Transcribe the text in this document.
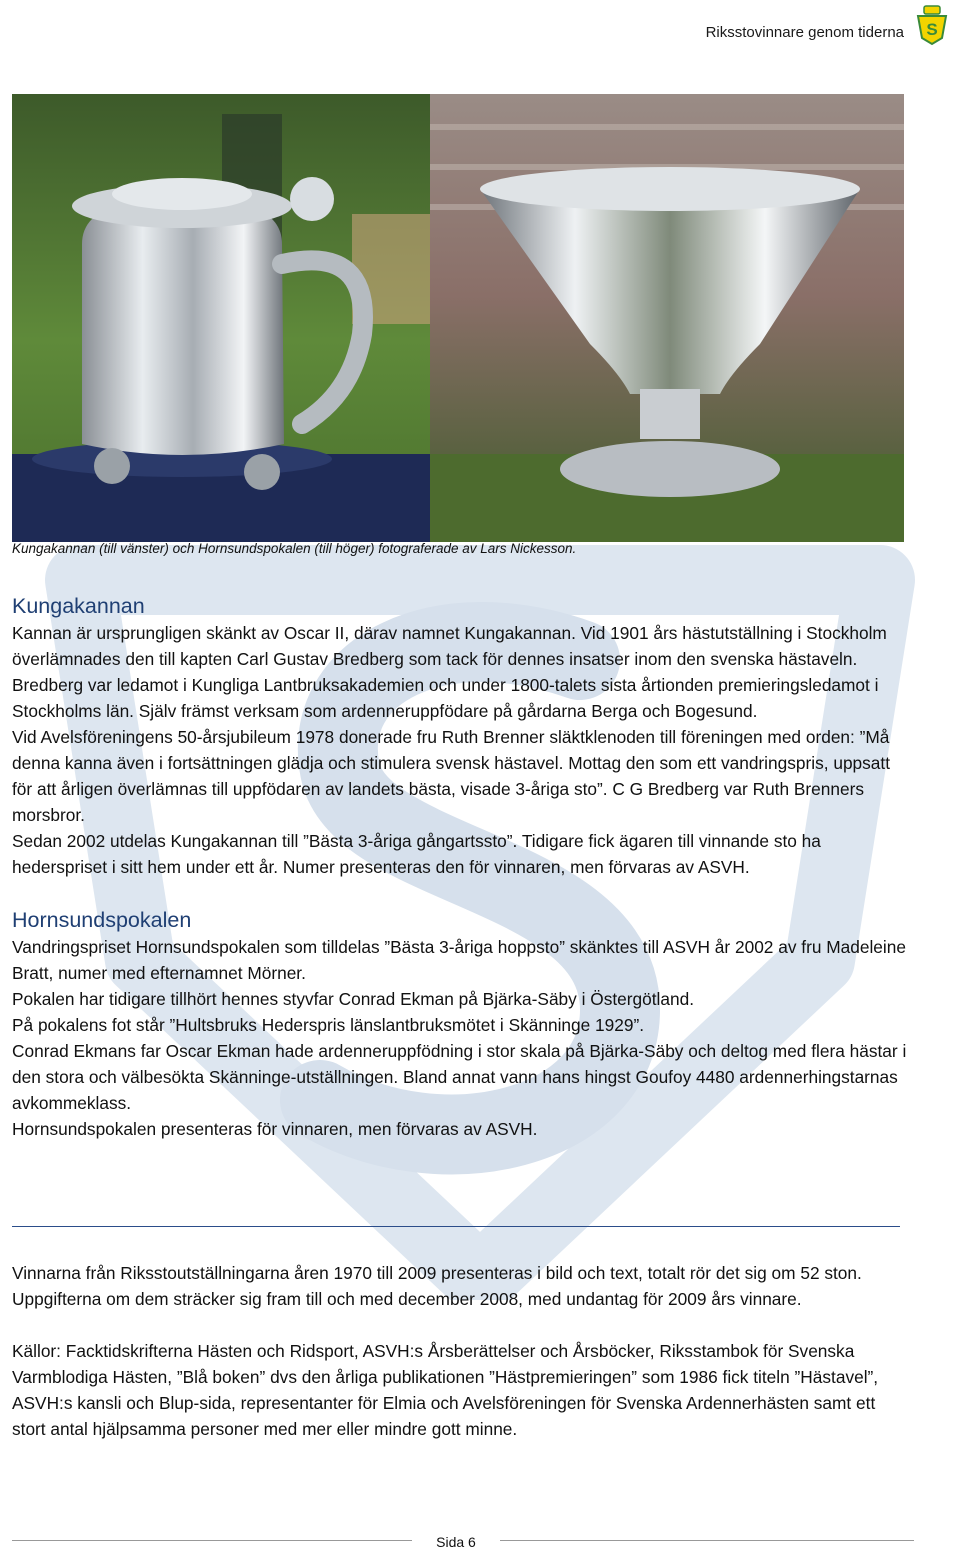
Riksstovinnare genom tiderna S
Kungakannan (till vänster) och Hornsundspokalen (till höger) fotograferade av Lars Nickesson.
Kungakannan

Kannan är ursprungligen skänkt av Oscar II, därav namnet Kungakannan. Vid 1901 års hästutställning i Stockholm överlämnades den till kapten Carl Gustav Bredberg som tack för dennes insatser inom den svenska hästaveln. Bredberg var ledamot i Kungliga Lantbruksakademien och under 1800-talets sista årtionden premieringsledamot i Stockholms län. Själv främst verksam som ardenneruppfödare på gårdarna Berga och Bogesund.

Vid Avelsföreningens 50-årsjubileum 1978 donerade fru Ruth Brenner släktklenoden till föreningen med orden: ”Må denna kanna även i fortsättningen glädja och stimulera svensk hästavel. Mottag den som ett vandringspris, uppsatt för att årligen överlämnas till uppfödaren av landets bästa, visade 3-åriga sto”. C G Bredberg var Ruth Brenners morsbror.

Sedan 2002 utdelas Kungakannan till ”Bästa 3-åriga gångartssto”. Tidigare fick ägaren till vinnande sto ha hederspriset i sitt hem under ett år. Numer presenteras den för vinnaren, men förvaras av ASVH.

Hornsundspokalen

Vandringspriset Hornsundspokalen som tilldelas ”Bästa 3-åriga hoppsto” skänktes till ASVH år 2002 av fru Madeleine Bratt, numer med efternamnet Mörner.

Pokalen har tidigare tillhört hennes styvfar Conrad Ekman på Bjärka-Säby i Östergötland.

På pokalens fot står ”Hultsbruks Hederspris länslantbruksmötet i Skänninge 1929”.

Conrad Ekmans far Oscar Ekman hade ardenneruppfödning i stor skala på Bjärka-Säby och deltog med flera hästar i den stora och välbesökta Skänninge-utställningen. Bland annat vann hans hingst Goufoy 4480 ardennerhingstarnas avkommeklass.

Hornsundspokalen presenteras för vinnaren, men förvaras av ASVH.

Vinnarna från Riksstoutställningarna åren 1970 till 2009 presenteras i bild och text, totalt rör det sig om 52 ston. Uppgifterna om dem sträcker sig fram till och med december 2008, med undantag för 2009 års vinnare.

Källor: Facktidskrifterna Hästen och Ridsport, ASVH:s Årsberättelser och Årsböcker, Riksstambok för Svenska Varmblodiga Hästen, ”Blå boken” dvs den årliga publikationen ”Hästpremieringen” som 1986 fick titeln ”Hästavel”, ASVH:s kansli och Blup-sida, representanter för Elmia och Avelsföreningen för Svenska Ardennerhästen samt ett stort antal hjälpsamma personer med mer eller mindre gott minne.

Sida 6
